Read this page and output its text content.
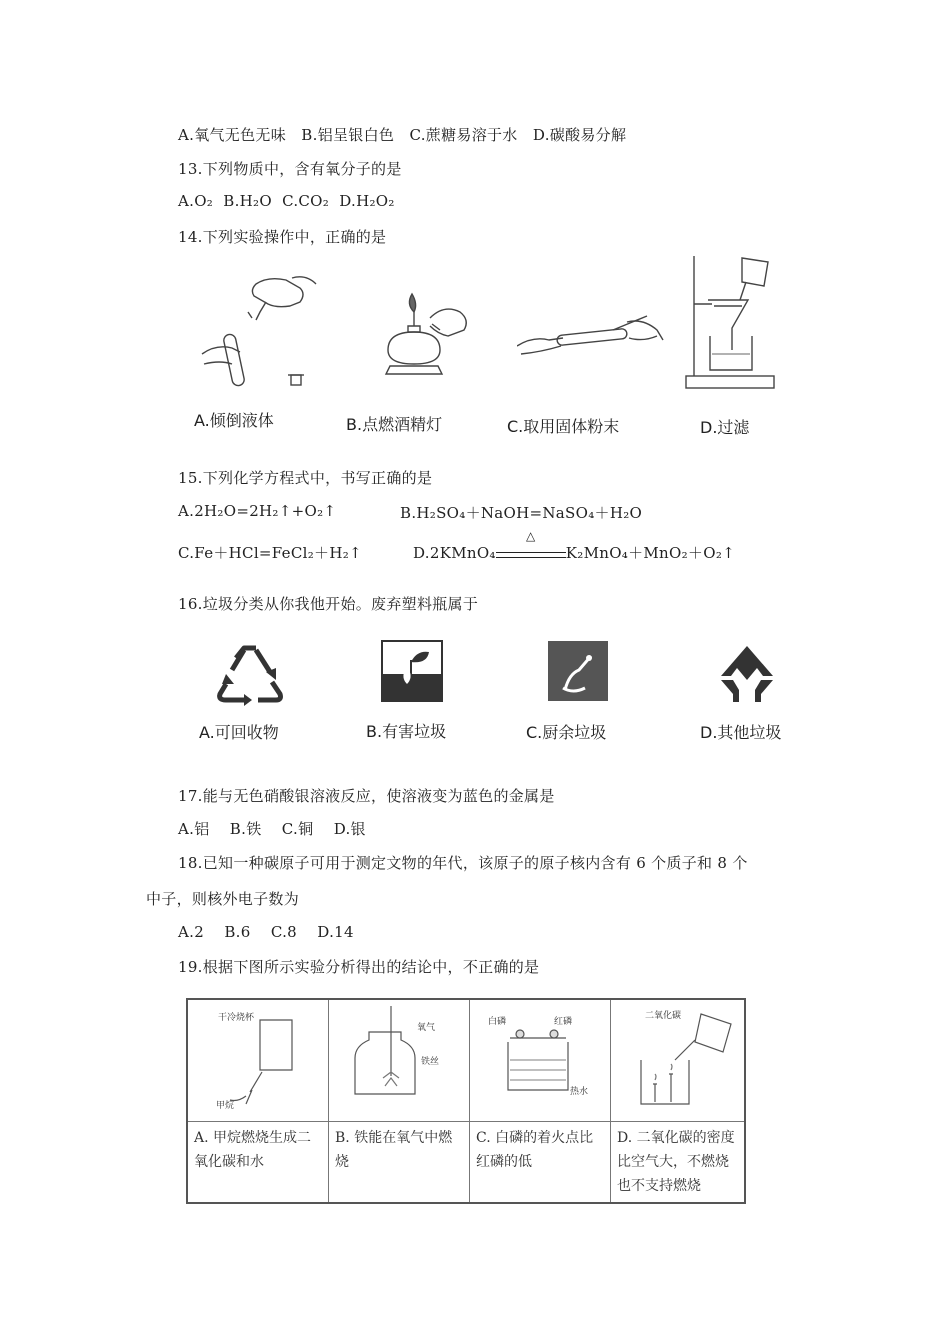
A.氧气无色无味　B.铝呈银白色　C.蔗糖易溶于水　D.碳酸易分解
13.下列物质中，含有氧分子的是
A.O₂ B.H₂O C.CO₂ D.H₂O₂
14.下列实验操作中，正确的是
A.倾倒液体	B.点燃酒精灯	C.取用固体粉末	D.过滤
15.下列化学方程式中，书写正确的是
A.2H₂O=2H₂↑+O₂↑	B.H₂SO₄＋NaOH=NaSO₄＋H₂O
C.Fe＋HCl=FeCl₂＋H₂↑	D.2KMnO₄
△
K₂MnO₄＋MnO₂＋O₂↑
16.垃圾分类从你我他开始。废弃塑料瓶属于
A.可回收物	B.有害垃圾	C.厨余垃圾	D.其他垃圾
17.能与无色硝酸银溶液反应，使溶液变为蓝色的金属是
A.铝 B.铁 C.铜 D.银
18.已知一种碳原子可用于测定文物的年代，该原子的原子核内含有 6 个质子和 8 个
中子，则核外电子数为
A.2 B.6 C.8 D.14
19.根据下图所示实验分析得出的结论中，不正确的是
干冷烧杯
甲烷	氧气
铁丝	白磷 红磷
热水	二氧化碳

A. 甲烷燃烧生成二氧化碳和水	B. 铁能在氧气中燃烧	C. 白磷的着火点比红磷的低	D. 二氧化碳的密度比空气大，不燃烧也不支持燃烧
